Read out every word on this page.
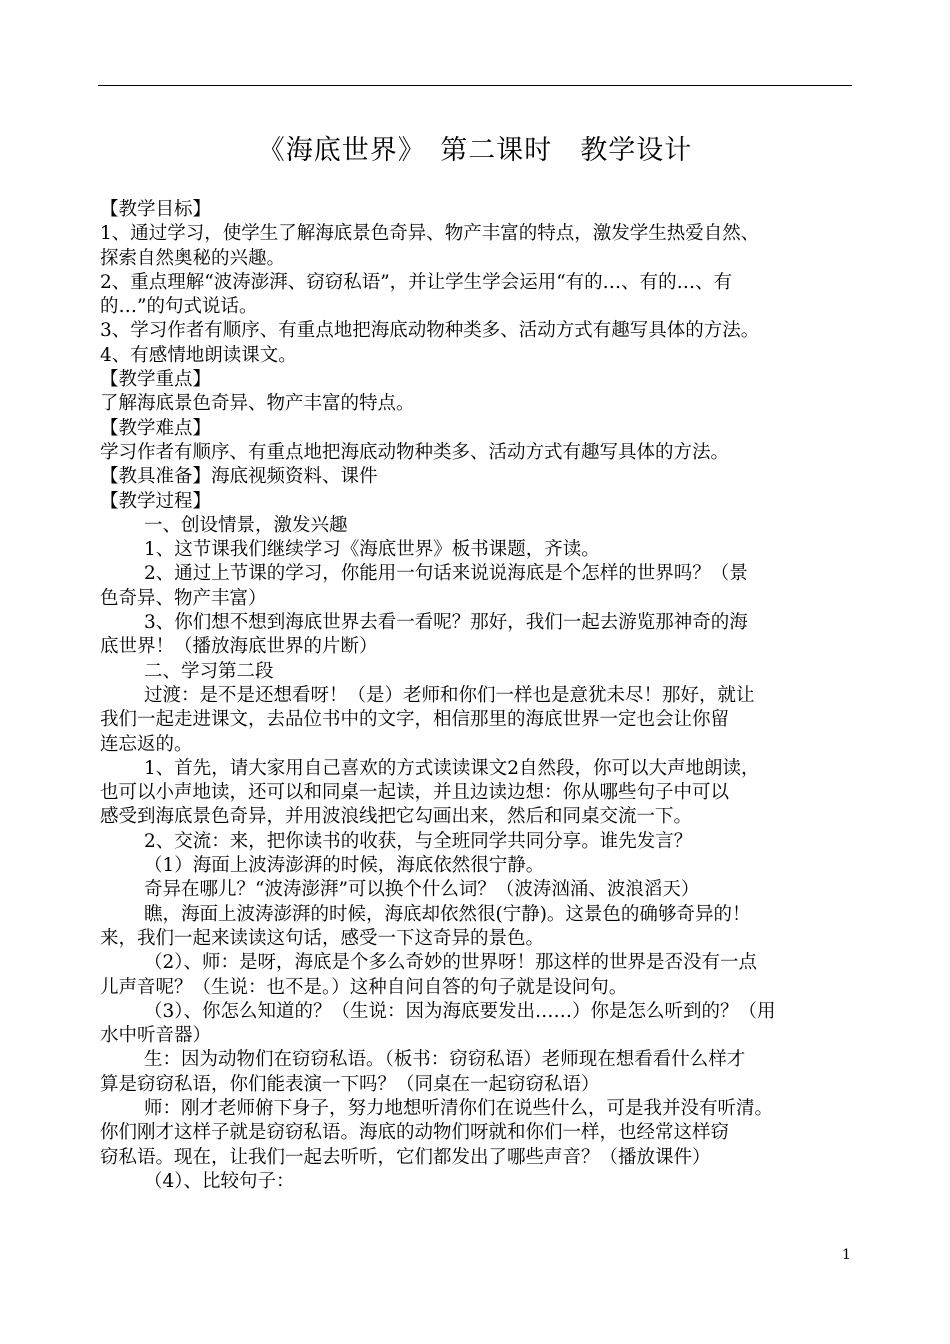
《海底世界》　第二课时　教学设计
【教学目标】
1、通过学习，使学生了解海底景色奇异、物产丰富的特点，激发学生热爱自然、
探索自然奥秘的兴趣。
2、重点理解“波涛澎湃、窃窃私语”，并让学生学会运用“有的…、有的…、有
的…”的句式说话。
3、学习作者有顺序、有重点地把海底动物种类多、活动方式有趣写具体的方法。
4、有感情地朗读课文。
【教学重点】
了解海底景色奇异、物产丰富的特点。
【教学难点】
学习作者有顺序、有重点地把海底动物种类多、活动方式有趣写具体的方法。
【教具准备】海底视频资料、课件
【教学过程】
一、创设情景，激发兴趣
1、这节课我们继续学习《海底世界》板书课题，齐读。
2、通过上节课的学习，你能用一句话来说说海底是个怎样的世界吗？（景
色奇异、物产丰富）
3、你们想不想到海底世界去看一看呢？那好，我们一起去游览那神奇的海
底世界！（播放海底世界的片断）
二、学习第二段
过渡：是不是还想看呀！（是）老师和你们一样也是意犹未尽！那好，就让
我们一起走进课文，去品位书中的文字，相信那里的海底世界一定也会让你留
连忘返的。
1、首先，请大家用自己喜欢的方式读读课文2自然段，你可以大声地朗读，
也可以小声地读，还可以和同桌一起读，并且边读边想：你从哪些句子中可以
感受到海底景色奇异，并用波浪线把它勾画出来，然后和同桌交流一下。
2、交流：来，把你读书的收获，与全班同学共同分享。谁先发言？
（1）海面上波涛澎湃的时候，海底依然很宁静。
奇异在哪儿？“波涛澎湃”可以换个什么词？（波涛汹涌、波浪滔天）
瞧，海面上波涛澎湃的时候，海底却依然很(宁静)。这景色的确够奇异的！
来，我们一起来读读这句话，感受一下这奇异的景色。
（2）、师：是呀，海底是个多么奇妙的世界呀！那这样的世界是否没有一点
儿声音呢？（生说：也不是。）这种自问自答的句子就是设问句。
（3）、你怎么知道的？（生说：因为海底要发出……）你是怎么听到的？（用
水中听音器）
生：因为动物们在窃窃私语。（板书：窃窃私语）老师现在想看看什么样才
算是窃窃私语，你们能表演一下吗？（同桌在一起窃窃私语）
师：刚才老师俯下身子，努力地想听清你们在说些什么，可是我并没有听清。
你们刚才这样子就是窃窃私语。海底的动物们呀就和你们一样，也经常这样窃
窃私语。现在，让我们一起去听听，它们都发出了哪些声音？（播放课件）
（4）、比较句子：
1
